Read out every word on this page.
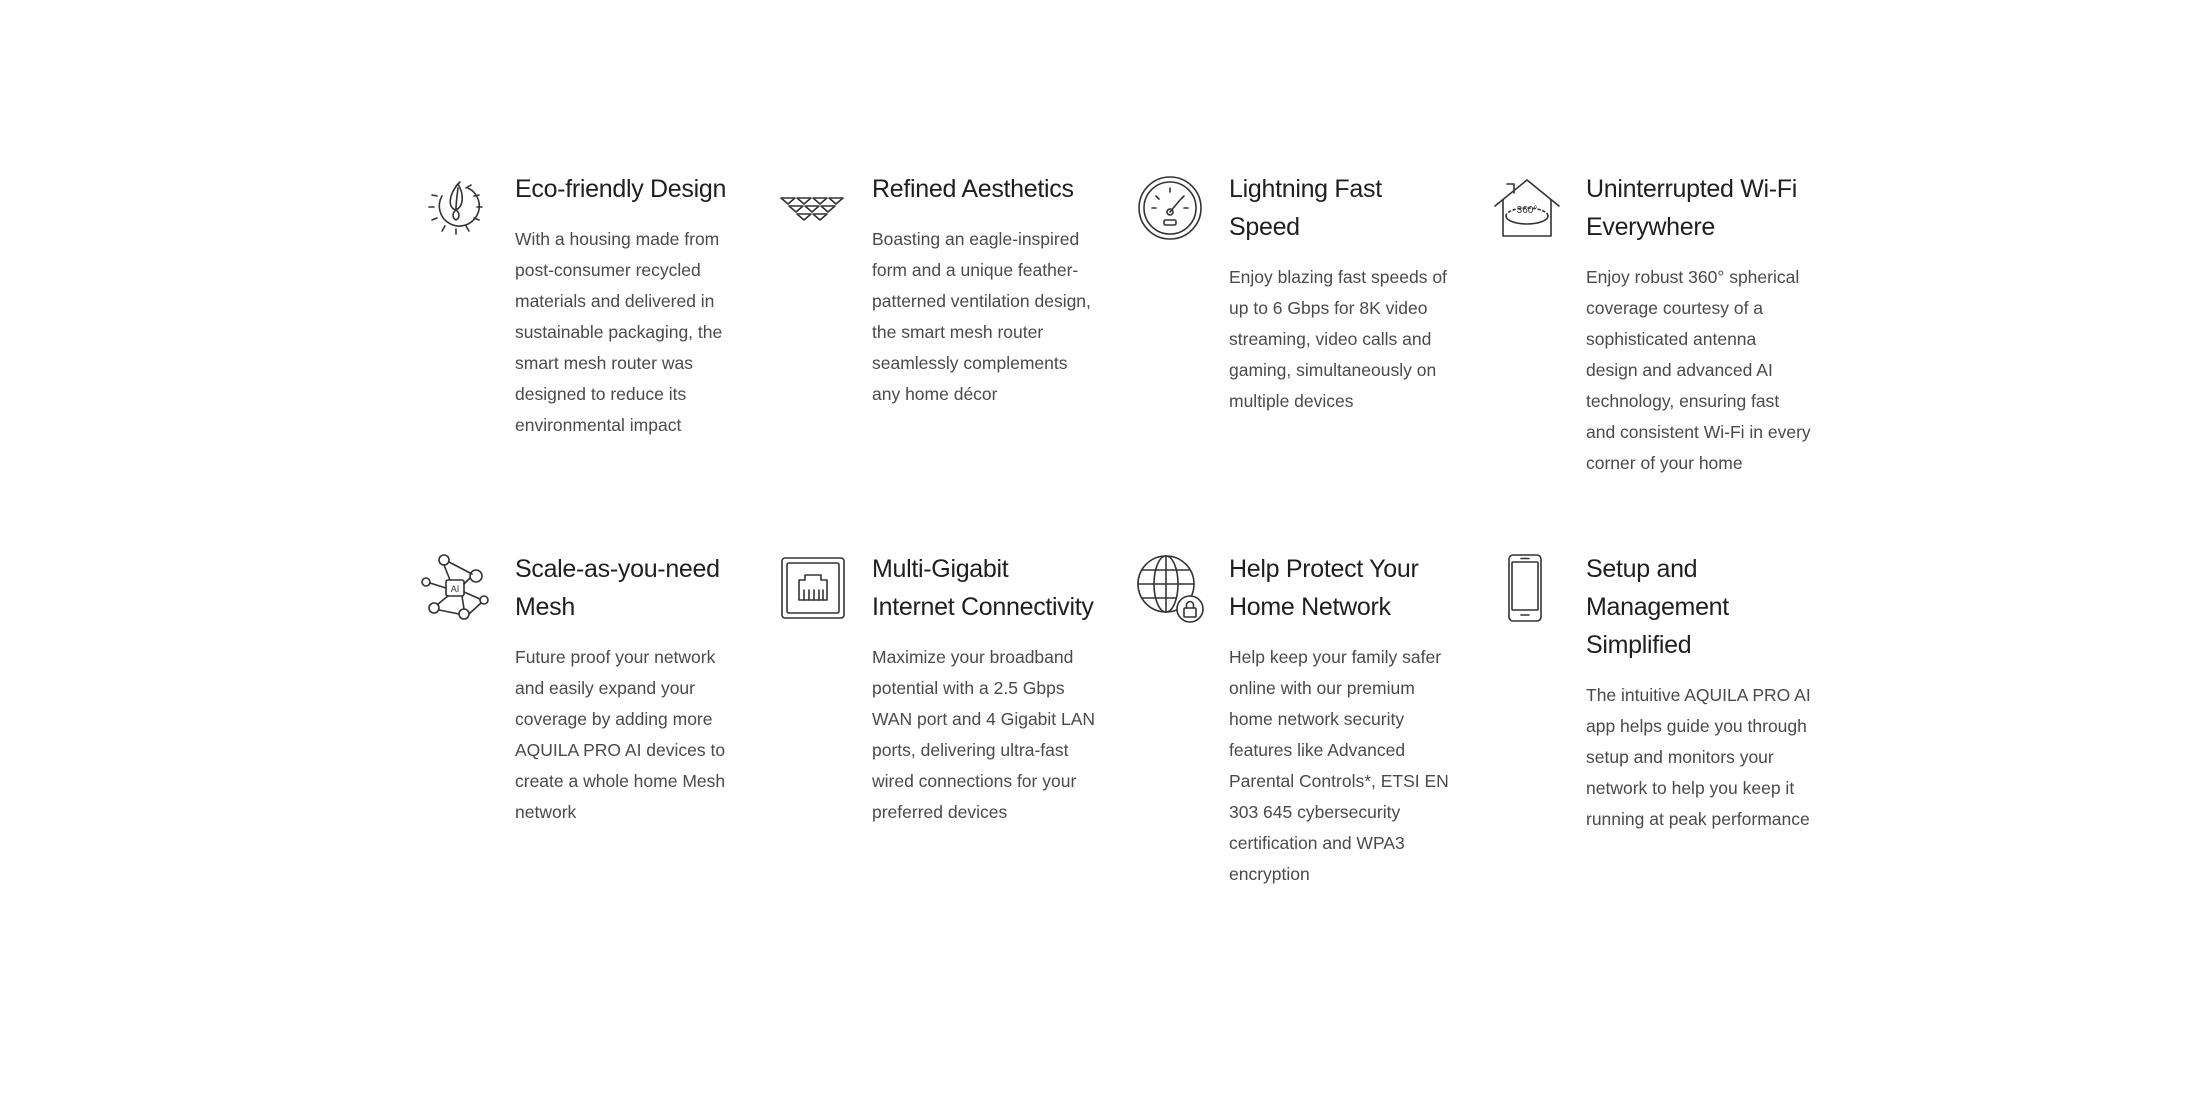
Eco-friendly Design

With a housing made from post-consumer recycled materials and delivered in sustainable packaging, the smart mesh router was designed to reduce its environmental impact

Refined Aesthetics

Boasting an eagle-inspired form and a unique feather-patterned ventilation design, the smart mesh router seamlessly complements any home décor

Lightning Fast Speed

Enjoy blazing fast speeds of up to 6 Gbps for 8K video streaming, video calls and gaming, simultaneously on multiple devices

360°
Uninterrupted Wi-Fi Everywhere

Enjoy robust 360° spherical coverage courtesy of a sophisticated antenna design and advanced AI technology, ensuring fast and consistent Wi-Fi in every corner of your home

AI
Scale-as-you-need Mesh

Future proof your network and easily expand your coverage by adding more AQUILA PRO AI devices to create a whole home Mesh network

Multi-Gigabit Internet Connectivity

Maximize your broadband potential with a 2.5 Gbps WAN port and 4 Gigabit LAN ports, delivering ultra-fast wired connections for your preferred devices

Help Protect Your Home Network

Help keep your family safer online with our premium home network security features like Advanced Parental Controls*, ETSI EN 303 645 cybersecurity certification and WPA3 encryption

Setup and Management Simplified

The intuitive AQUILA PRO AI app helps guide you through setup and monitors your network to help you keep it running at peak performance
